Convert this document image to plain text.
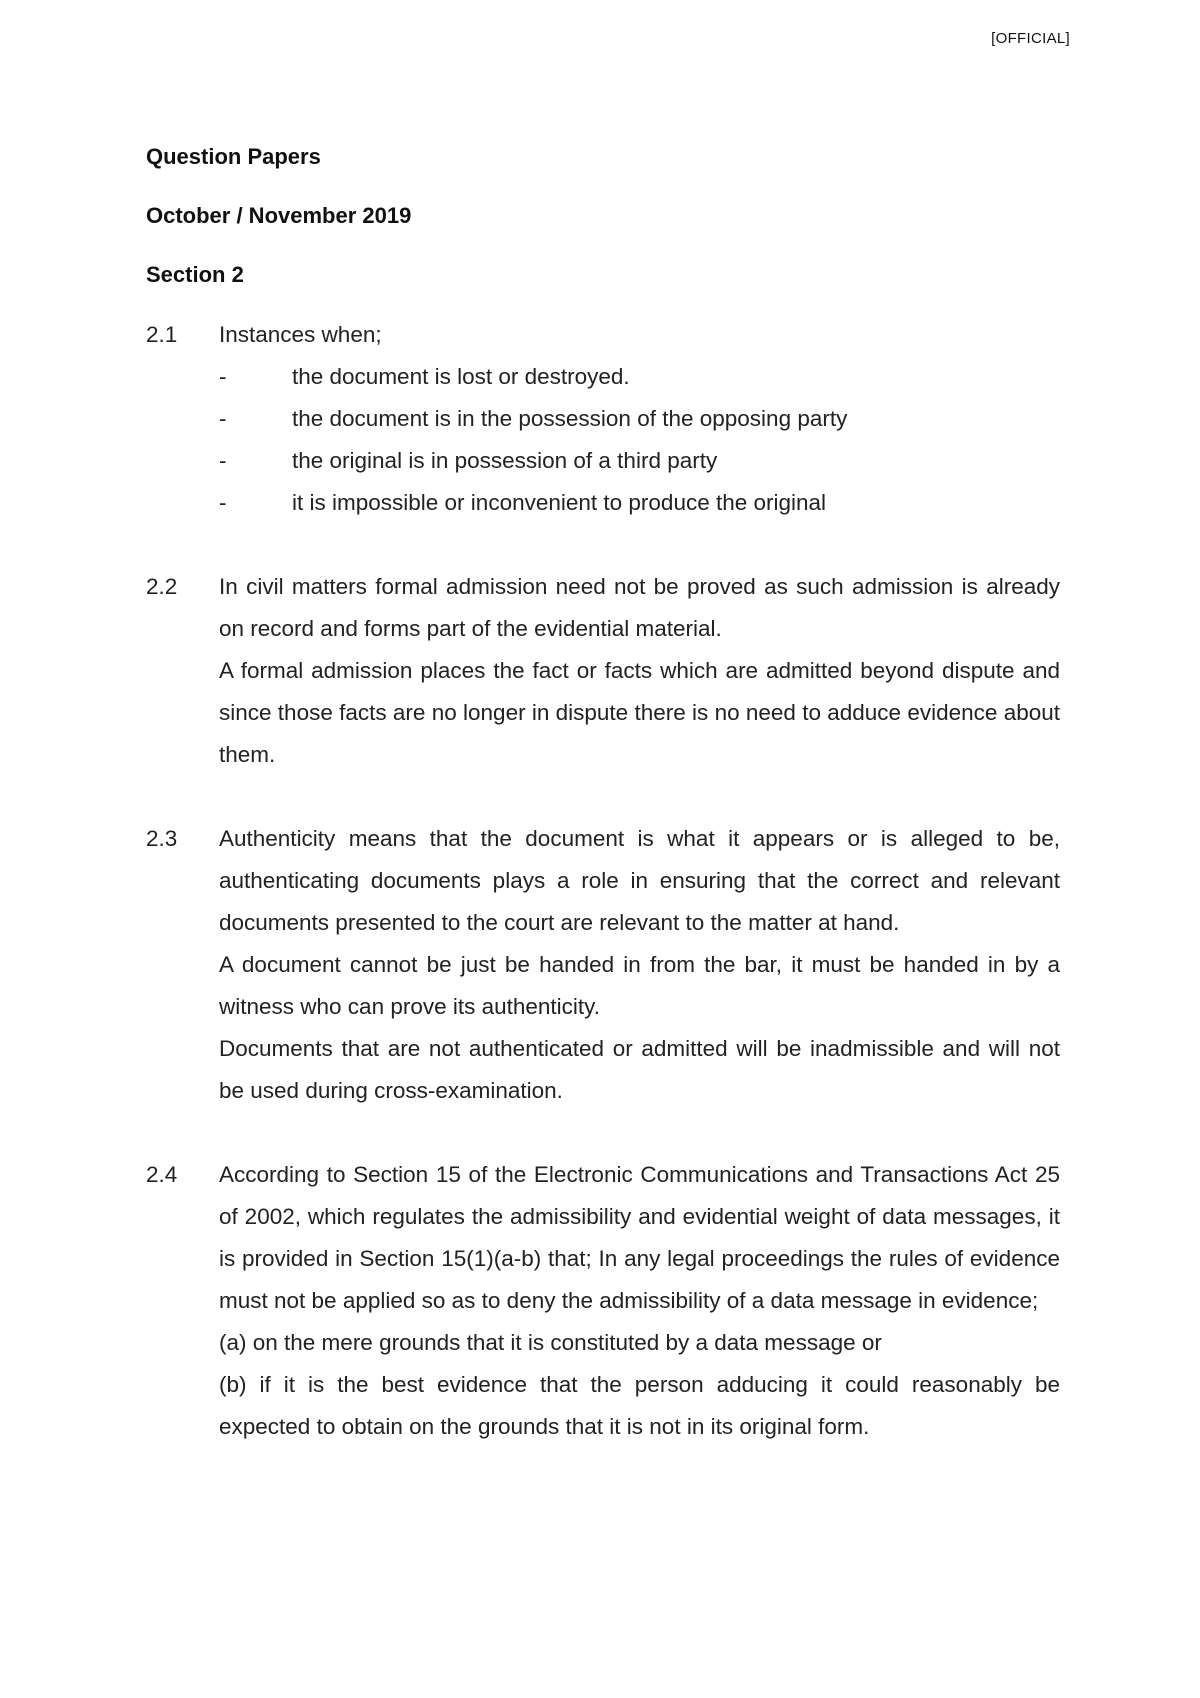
[OFFICIAL]
Question Papers
October / November 2019
Section 2
2.1	Instances when;

-	the document is lost or destroyed.
-	the document is in the possession of the opposing party
-	the original is in possession of a third party
-	it is impossible or inconvenient to produce the original
2.2	In civil matters formal admission need not be proved as such admission is already on record and forms part of the evidential material.

A formal admission places the fact or facts which are admitted beyond dispute and since those facts are no longer in dispute there is no need to adduce evidence about them.

2.3	Authenticity means that the document is what it appears or is alleged to be, authenticating documents plays a role in ensuring that the correct and relevant documents presented to the court are relevant to the matter at hand.

A document cannot be just be handed in from the bar, it must be handed in by a witness who can prove its authenticity.

Documents that are not authenticated or admitted will be inadmissible and will not be used during cross-examination.

2.4	According to Section 15 of the Electronic Communications and Transactions Act 25 of 2002, which regulates the admissibility and evidential weight of data messages, it is provided in Section 15(1)(a-b) that; In any legal proceedings the rules of evidence must not be applied so as to deny the admissibility of a data message in evidence;

(a) on the mere grounds that it is constituted by a data message or

(b) if it is the best evidence that the person adducing it could reasonably be expected to obtain on the grounds that it is not in its original form.
